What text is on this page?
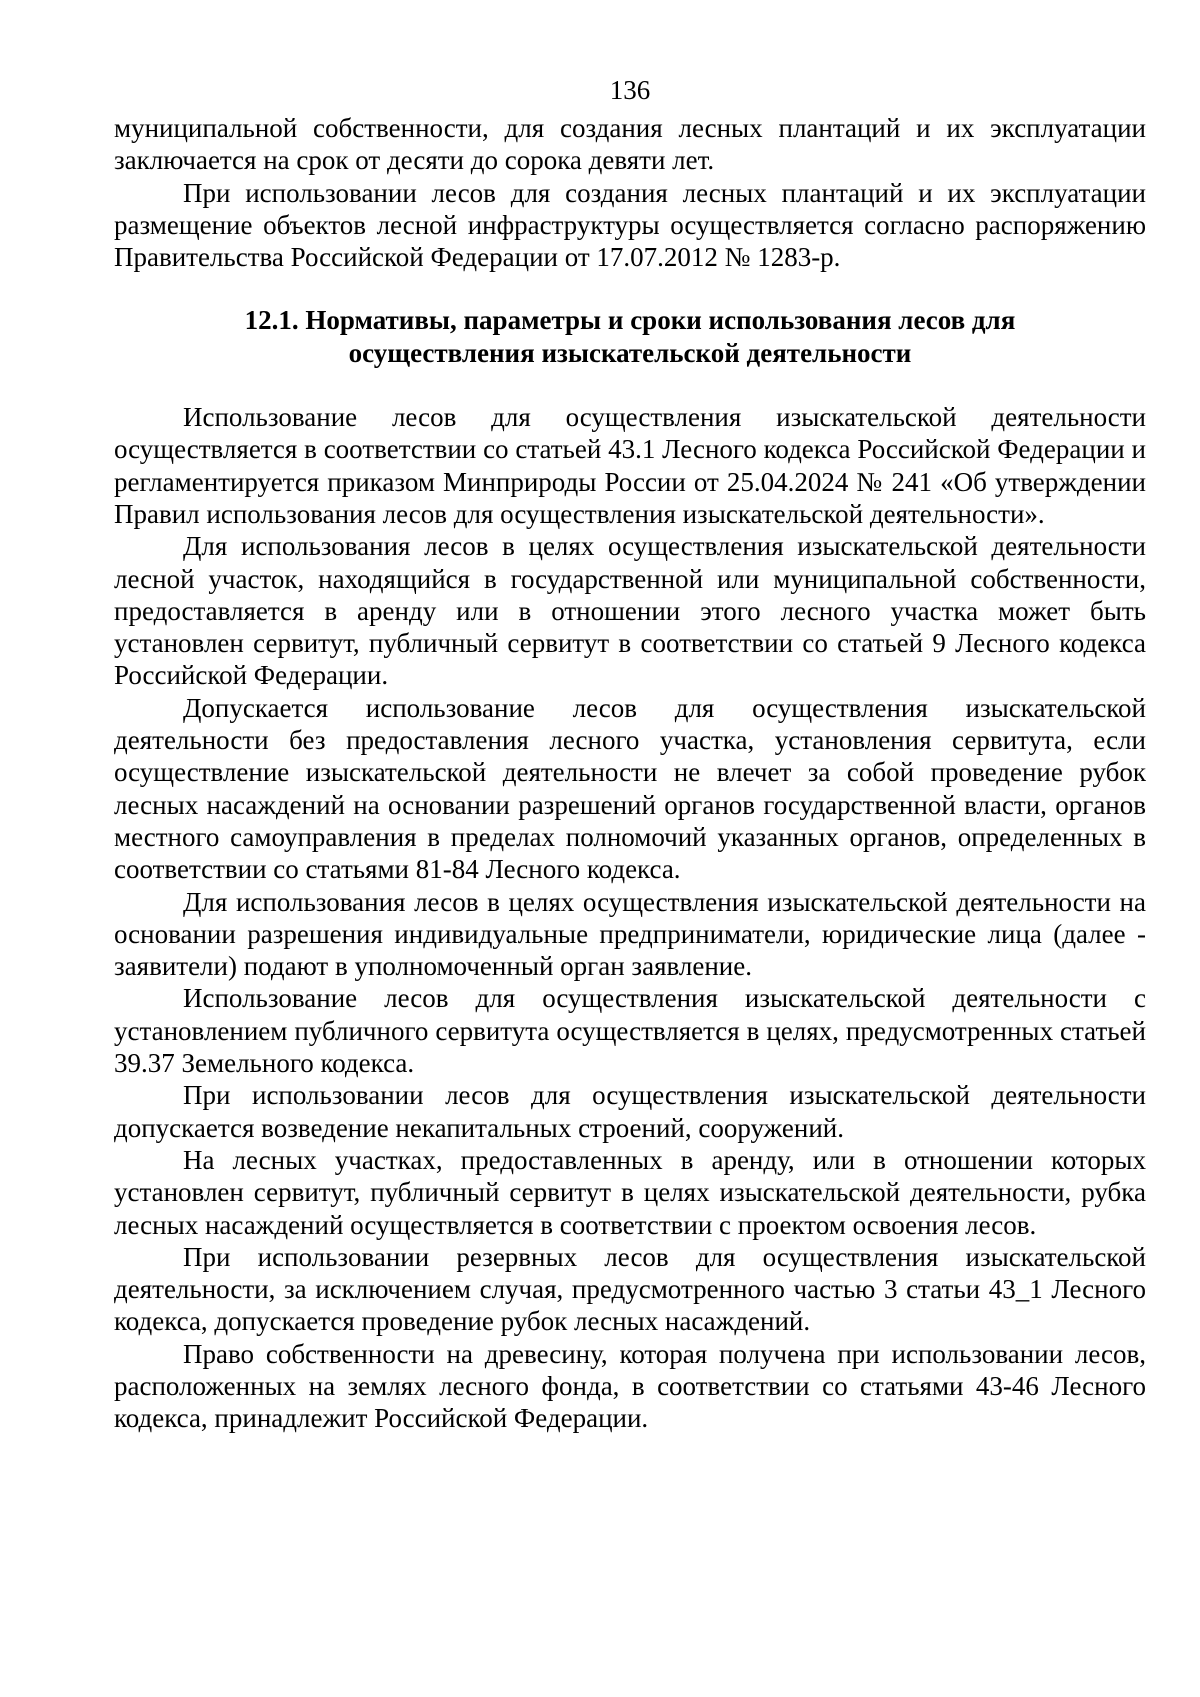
136

муниципальной собственности, для создания лесных плантаций и их эксплуатации заключается на срок от десяти до сорока девяти лет.

При использовании лесов для создания лесных плантаций и их эксплуатации размещение объектов лесной инфраструктуры осуществляется согласно распоряжению Правительства Российской Федерации от 17.07.2012 № 1283-р.

12.1. Нормативы, параметры и сроки использования лесов для
осуществления изыскательской деятельности

Использование лесов для осуществления изыскательской деятельности осуществляется в соответствии со статьей 43.1 Лесного кодекса Российской Федерации и регламентируется приказом Минприроды России от 25.04.2024 № 241 «Об утверждении Правил использования лесов для осуществления изыскательской деятельности».

Для использования лесов в целях осуществления изыскательской деятельности лесной участок, находящийся в государственной или муниципальной собственности, предоставляется в аренду или в отношении этого лесного участка может быть установлен сервитут, публичный сервитут в соответствии со статьей 9 Лесного кодекса Российской Федерации.

Допускается использование лесов для осуществления изыскательской деятельности без предоставления лесного участка, установления сервитута, если осуществление изыскательской деятельности не влечет за собой проведение рубок лесных насаждений на основании разрешений органов государственной власти, органов местного самоуправления в пределах полномочий указанных органов, определенных в соответствии со статьями 81-84 Лесного кодекса.

Для использования лесов в целях осуществления изыскательской деятельности на основании разрешения индивидуальные предприниматели, юридические лица (далее - заявители) подают в уполномоченный орган заявление.

Использование лесов для осуществления изыскательской деятельности с установлением публичного сервитута осуществляется в целях, предусмотренных статьей 39.37 Земельного кодекса.

При использовании лесов для осуществления изыскательской деятельности допускается возведение некапитальных строений, сооружений.

На лесных участках, предоставленных в аренду, или в отношении которых установлен сервитут, публичный сервитут в целях изыскательской деятельности, рубка лесных насаждений осуществляется в соответствии с проектом освоения лесов.

При использовании резервных лесов для осуществления изыскательской деятельности, за исключением случая, предусмотренного частью 3 статьи 43_1 Лесного кодекса, допускается проведение рубок лесных насаждений.

Право собственности на древесину, которая получена при использовании лесов, расположенных на землях лесного фонда, в соответствии со статьями 43-46 Лесного кодекса, принадлежит Российской Федерации.
